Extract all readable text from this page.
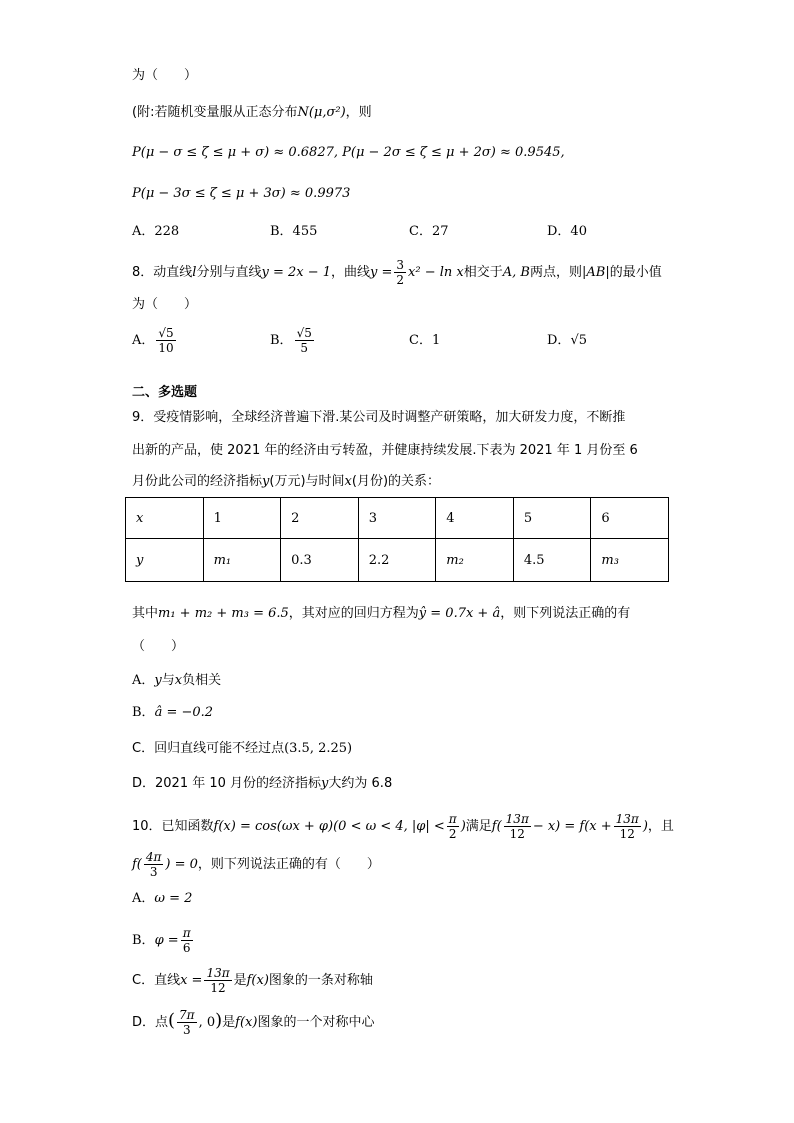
为（　　）
(附:若随机变量服从正态分布N(μ,σ²)，则
P(μ − σ ≤ ζ ≤ μ + σ) ≈ 0.6827, P(μ − 2σ ≤ ζ ≤ μ + 2σ) ≈ 0.9545,
P(μ − 3σ ≤ ζ ≤ μ + 3σ) ≈ 0.9973
A．228	B．455	C．27	D．40
8．动直线l分别与直线y = 2x − 1，曲线$y = \frac{3}{2} x^2 - \ln x$相交于A, B两点，则|AB|的最小值
为（　　）
A． $\frac{√5}{10}$	B． $\frac{√5}{5}$	C．1	D．√5
二、多选题
9．受疫情影响，全球经济普遍下滑.某公司及时调整产研策略，加大研发力度，不断推
出新的产品，使 2021 年的经济由亏转盈，并健康持续发展.下表为 2021 年 1 月份至 6
月份此公司的经济指标y(万元)与时间x(月份)的关系：
x	1	2	3	4	5	6
y	m₁	0.3	2.2	m₂	4.5	m₃
其中m₁ + m₂ + m₃ = 6.5，其对应的回归方程为ŷ = 0.7x + â，则下列说法正确的有
（　　）
A．y与x负相关
B．â = −0.2
C．回归直线可能不经过点(3.5, 2.25)
D．2021 年 10 月份的经济指标y大约为 6.8
10．已知函数f(x) = cos(ωx + φ)(0 < ω < 4, $|\varphi| < \frac{\pi}{2}$ )满足$f( \frac{13\pi}{12} - x) = f(x + \frac{13\pi}{12}$ )，且
$f( \frac{4\pi}{3}$ ) = 0，则下列说法正确的有（　　）
A．ω = 2
B．$\varphi = \frac{\pi}{6}$
C．直线$x = \frac{13\pi}{12}$ 是f(x)图象的一条对称轴
D．点( $\frac{7\pi}{3}$ , 0)是f(x)图象的一个对称中心
